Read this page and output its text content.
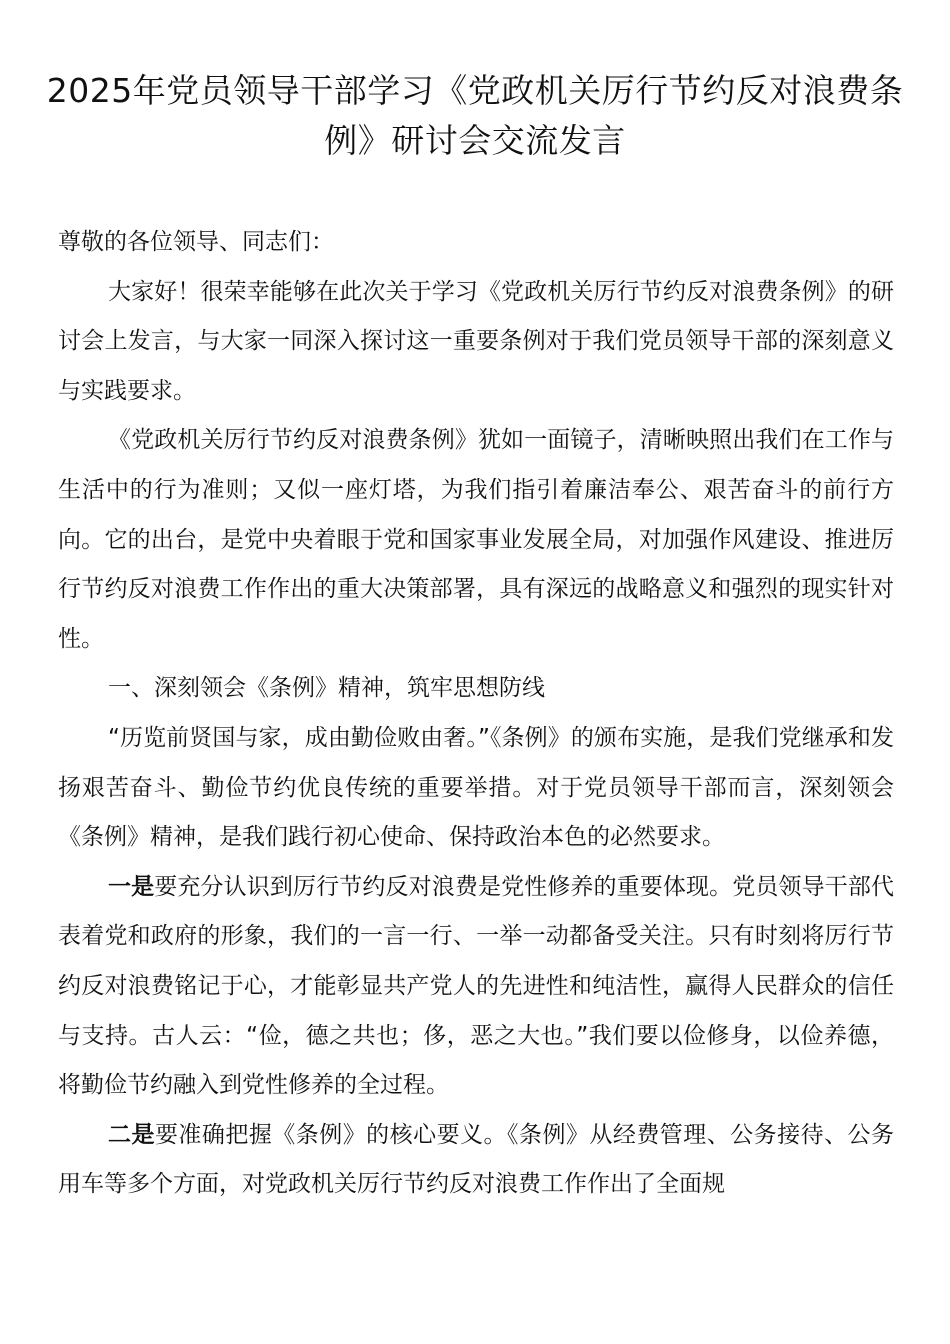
2025年党员领导干部学习《党政机关厉行节约反对浪费条例》研讨会交流发言

尊敬的各位领导、同志们：

大家好！很荣幸能够在此次关于学习《党政机关厉行节约反对浪费条例》的研讨会上发言，与大家一同深入探讨这一重要条例对于我们党员领导干部的深刻意义与实践要求。

《党政机关厉行节约反对浪费条例》犹如一面镜子，清晰映照出我们在工作与生活中的行为准则；又似一座灯塔，为我们指引着廉洁奉公、艰苦奋斗的前行方向。它的出台，是党中央着眼于党和国家事业发展全局，对加强作风建设、推进厉行节约反对浪费工作作出的重大决策部署，具有深远的战略意义和强烈的现实针对性。

一、深刻领会《条例》精神，筑牢思想防线

“历览前贤国与家，成由勤俭败由奢。”《条例》的颁布实施，是我们党继承和发扬艰苦奋斗、勤俭节约优良传统的重要举措。对于党员领导干部而言，深刻领会《条例》精神，是我们践行初心使命、保持政治本色的必然要求。

一是要充分认识到厉行节约反对浪费是党性修养的重要体现。党员领导干部代表着党和政府的形象，我们的一言一行、一举一动都备受关注。只有时刻将厉行节约反对浪费铭记于心，才能彰显共产党人的先进性和纯洁性，赢得人民群众的信任与支持。古人云：“俭，德之共也；侈，恶之大也。”我们要以俭修身，以俭养德，将勤俭节约融入到党性修养的全过程。

二是要准确把握《条例》的核心要义。《条例》从经费管理、公务接待、公务用车等多个方面，对党政机关厉行节约反对浪费工作作出了全面规
